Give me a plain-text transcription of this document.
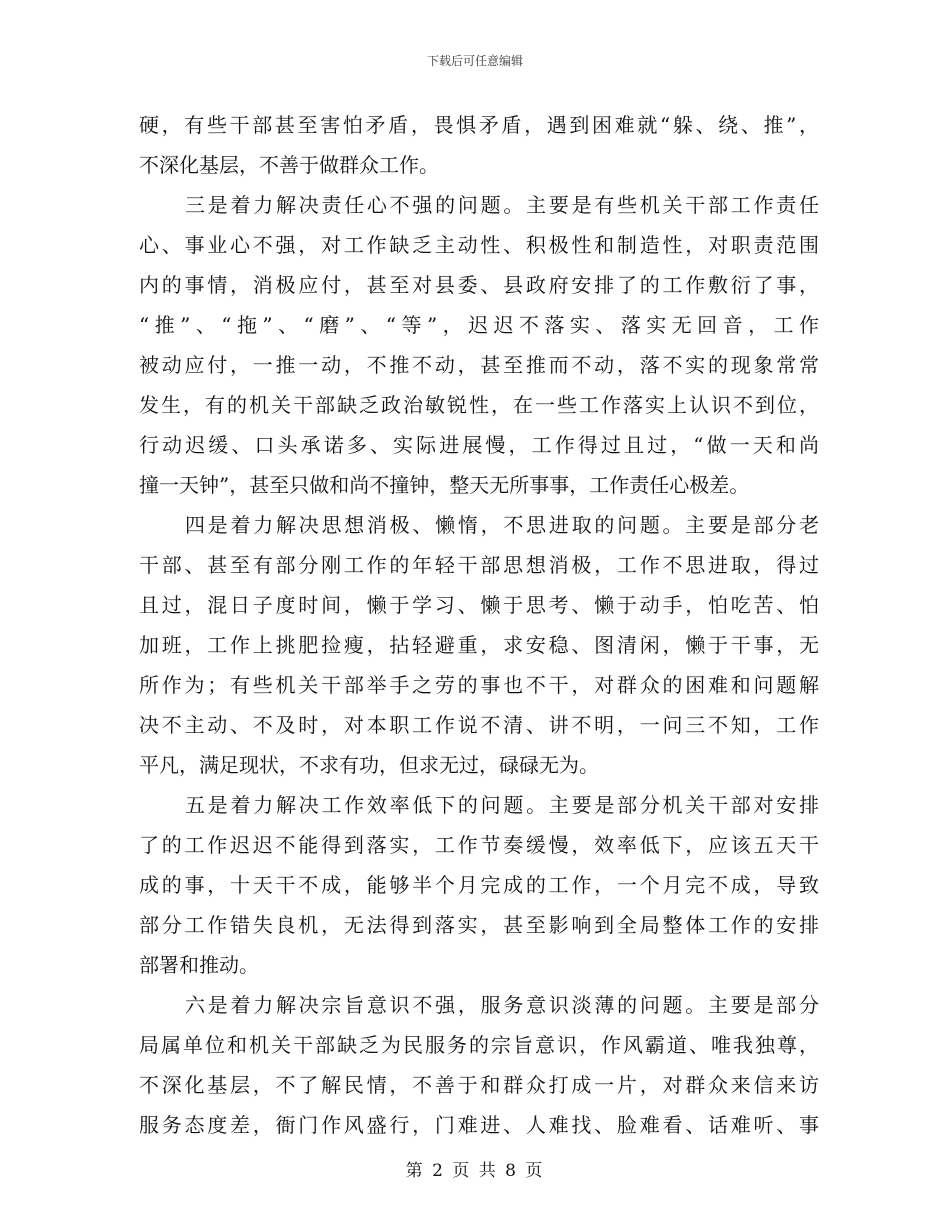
下载后可任意编辑
硬，有些干部甚至害怕矛盾，畏惧矛盾，遇到困难就“躲、绕、推”，
不深化基层，不善于做群众工作。
三是着力解决责任心不强的问题。主要是有些机关干部工作责任
心、事业心不强，对工作缺乏主动性、积极性和制造性，对职责范围
内的事情，消极应付，甚至对县委、县政府安排了的工作敷衍了事，
“推”、“拖”、“磨”、“等”，迟迟不落实、落实无回音，工作
被动应付，一推一动，不推不动，甚至推而不动，落不实的现象常常
发生，有的机关干部缺乏政治敏锐性，在一些工作落实上认识不到位，
行动迟缓、口头承诺多、实际进展慢，工作得过且过，“做一天和尚
撞一天钟”，甚至只做和尚不撞钟，整天无所事事，工作责任心极差。
四是着力解决思想消极、懒惰，不思进取的问题。主要是部分老
干部、甚至有部分刚工作的年轻干部思想消极，工作不思进取，得过
且过，混日子度时间，懒于学习、懒于思考、懒于动手，怕吃苦、怕
加班，工作上挑肥捡瘦，拈轻避重，求安稳、图清闲，懒于干事，无
所作为；有些机关干部举手之劳的事也不干，对群众的困难和问题解
决不主动、不及时，对本职工作说不清、讲不明，一问三不知，工作
平凡，满足现状，不求有功，但求无过，碌碌无为。
五是着力解决工作效率低下的问题。主要是部分机关干部对安排
了的工作迟迟不能得到落实，工作节奏缓慢，效率低下，应该五天干
成的事，十天干不成，能够半个月完成的工作，一个月完不成，导致
部分工作错失良机，无法得到落实，甚至影响到全局整体工作的安排
部署和推动。
六是着力解决宗旨意识不强，服务意识淡薄的问题。主要是部分
局属单位和机关干部缺乏为民服务的宗旨意识，作风霸道、唯我独尊，
不深化基层，不了解民情，不善于和群众打成一片，对群众来信来访
服务态度差，衙门作风盛行，门难进、人难找、脸难看、话难听、事
第 2 页 共 8 页
